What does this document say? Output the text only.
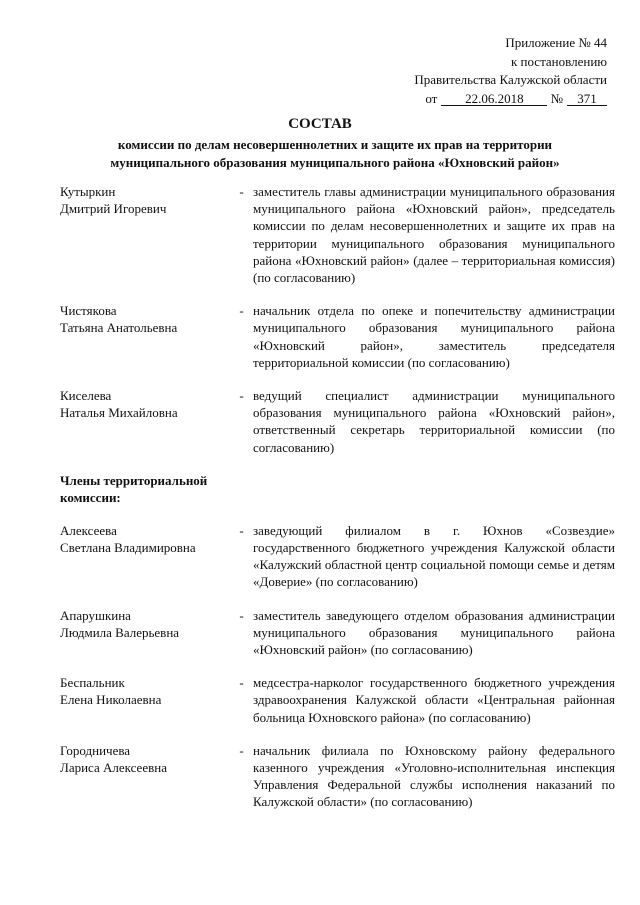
Приложение № 44
к постановлению
Правительства Калужской области
от 22.06.2018 № 371
СОСТАВ
комиссии по делам несовершеннолетних и защите их прав на территории
муниципального образования муниципального района «Юхновский район»
Кутыркин
Дмитрий Игоревич
- заместитель главы администрации муниципального образования муниципального района «Юхновский район», председатель комиссии по делам несовершеннолетних и защите их прав на территории муниципального образования муниципального района «Юхновский район» (далее – территориальная комиссия) (по согласованию)
Чистякова
Татьяна Анатольевна
- начальник отдела по опеке и попечительству администрации муниципального образования муниципального района «Юхновский район», заместитель председателя территориальной комиссии (по согласованию)
Киселева
Наталья Михайловна
- ведущий специалист администрации муниципального образования муниципального района «Юхновский район», ответственный секретарь территориальной комиссии (по согласованию)
Члены территориальной комиссии:
Алексеева
Светлана Владимировна
- заведующий филиалом в г. Юхнов «Созвездие» государственного бюджетного учреждения Калужской области «Калужский областной центр социальной помощи семье и детям «Доверие» (по согласованию)
Апарушкина
Людмила Валерьевна
- заместитель заведующего отделом образования администрации муниципального образования муниципального района «Юхновский район» (по согласованию)
Беспальник
Елена Николаевна
- медсестра-нарколог государственного бюджетного учреждения здравоохранения Калужской области «Центральная районная больница Юхновского района» (по согласованию)
Городничева
Лариса Алексеевна
- начальник филиала по Юхновскому району федерального казенного учреждения «Уголовно-исполнительная инспекция Управления Федеральной службы исполнения наказаний по Калужской области» (по согласованию)
